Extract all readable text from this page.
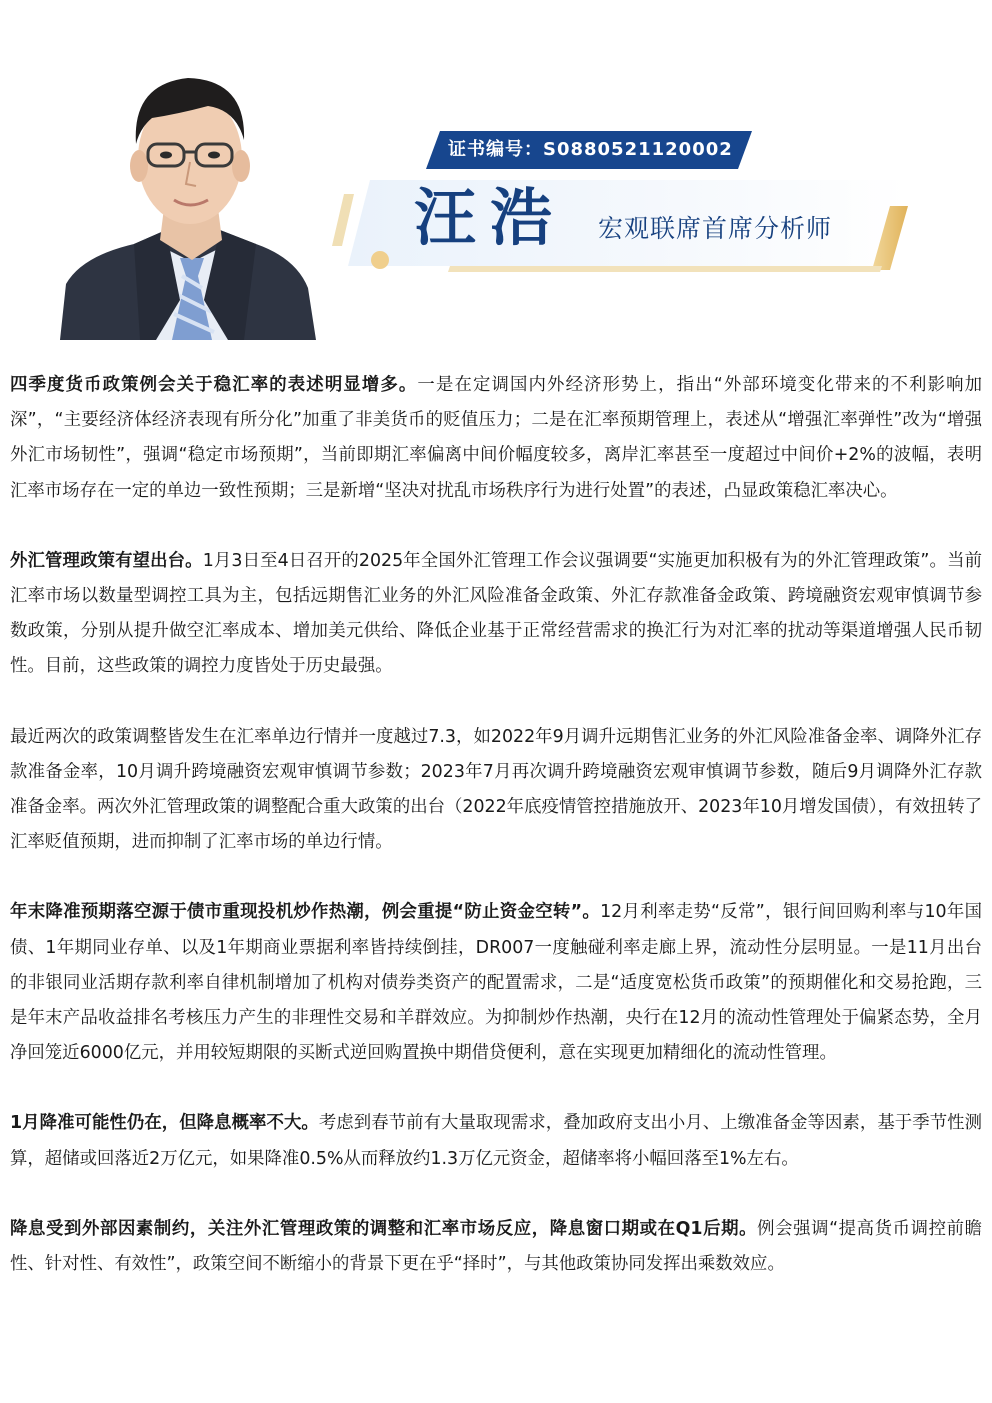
证书编号：S0880521120002
汪浩 宏观联席首席分析师

四季度货币政策例会关于稳汇率的表述明显增多。一是在定调国内外经济形势上，指出“外部环境变化带来的不利影响加深”，“主要经济体经济表现有所分化”加重了非美货币的贬值压力；二是在汇率预期管理上，表述从“增强汇率弹性”改为“增强外汇市场韧性”，强调“稳定市场预期”，当前即期汇率偏离中间价幅度较多，离岸汇率甚至一度超过中间价+2%的波幅，表明汇率市场存在一定的单边一致性预期；三是新增“坚决对扰乱市场秩序行为进行处置”的表述，凸显政策稳汇率决心。

外汇管理政策有望出台。1月3日至4日召开的2025年全国外汇管理工作会议强调要“实施更加积极有为的外汇管理政策”。当前汇率市场以数量型调控工具为主，包括远期售汇业务的外汇风险准备金政策、外汇存款准备金政策、跨境融资宏观审慎调节参数政策，分别从提升做空汇率成本、增加美元供给、降低企业基于正常经营需求的换汇行为对汇率的扰动等渠道增强人民币韧性。目前，这些政策的调控力度皆处于历史最强。

最近两次的政策调整皆发生在汇率单边行情并一度越过7.3，如2022年9月调升远期售汇业务的外汇风险准备金率、调降外汇存款准备金率，10月调升跨境融资宏观审慎调节参数；2023年7月再次调升跨境融资宏观审慎调节参数，随后9月调降外汇存款准备金率。两次外汇管理政策的调整配合重大政策的出台（2022年底疫情管控措施放开、2023年10月增发国债），有效扭转了汇率贬值预期，进而抑制了汇率市场的单边行情。

年末降准预期落空源于债市重现投机炒作热潮，例会重提“防止资金空转”。12月利率走势“反常”，银行间回购利率与10年国债、1年期同业存单、以及1年期商业票据利率皆持续倒挂，DR007一度触碰利率走廊上界，流动性分层明显。一是11月出台的非银同业活期存款利率自律机制增加了机构对债券类资产的配置需求，二是“适度宽松货币政策”的预期催化和交易抢跑，三是年末产品收益排名考核压力产生的非理性交易和羊群效应。为抑制炒作热潮，央行在12月的流动性管理处于偏紧态势，全月净回笼近6000亿元，并用较短期限的买断式逆回购置换中期借贷便利，意在实现更加精细化的流动性管理。

1月降准可能性仍在，但降息概率不大。考虑到春节前有大量取现需求，叠加政府支出小月、上缴准备金等因素，基于季节性测算，超储或回落近2万亿元，如果降准0.5%从而释放约1.3万亿元资金，超储率将小幅回落至1%左右。

降息受到外部因素制约，关注外汇管理政策的调整和汇率市场反应，降息窗口期或在Q1后期。例会强调“提高货币调控前瞻性、针对性、有效性”，政策空间不断缩小的背景下更在乎“择时”，与其他政策协同发挥出乘数效应。
